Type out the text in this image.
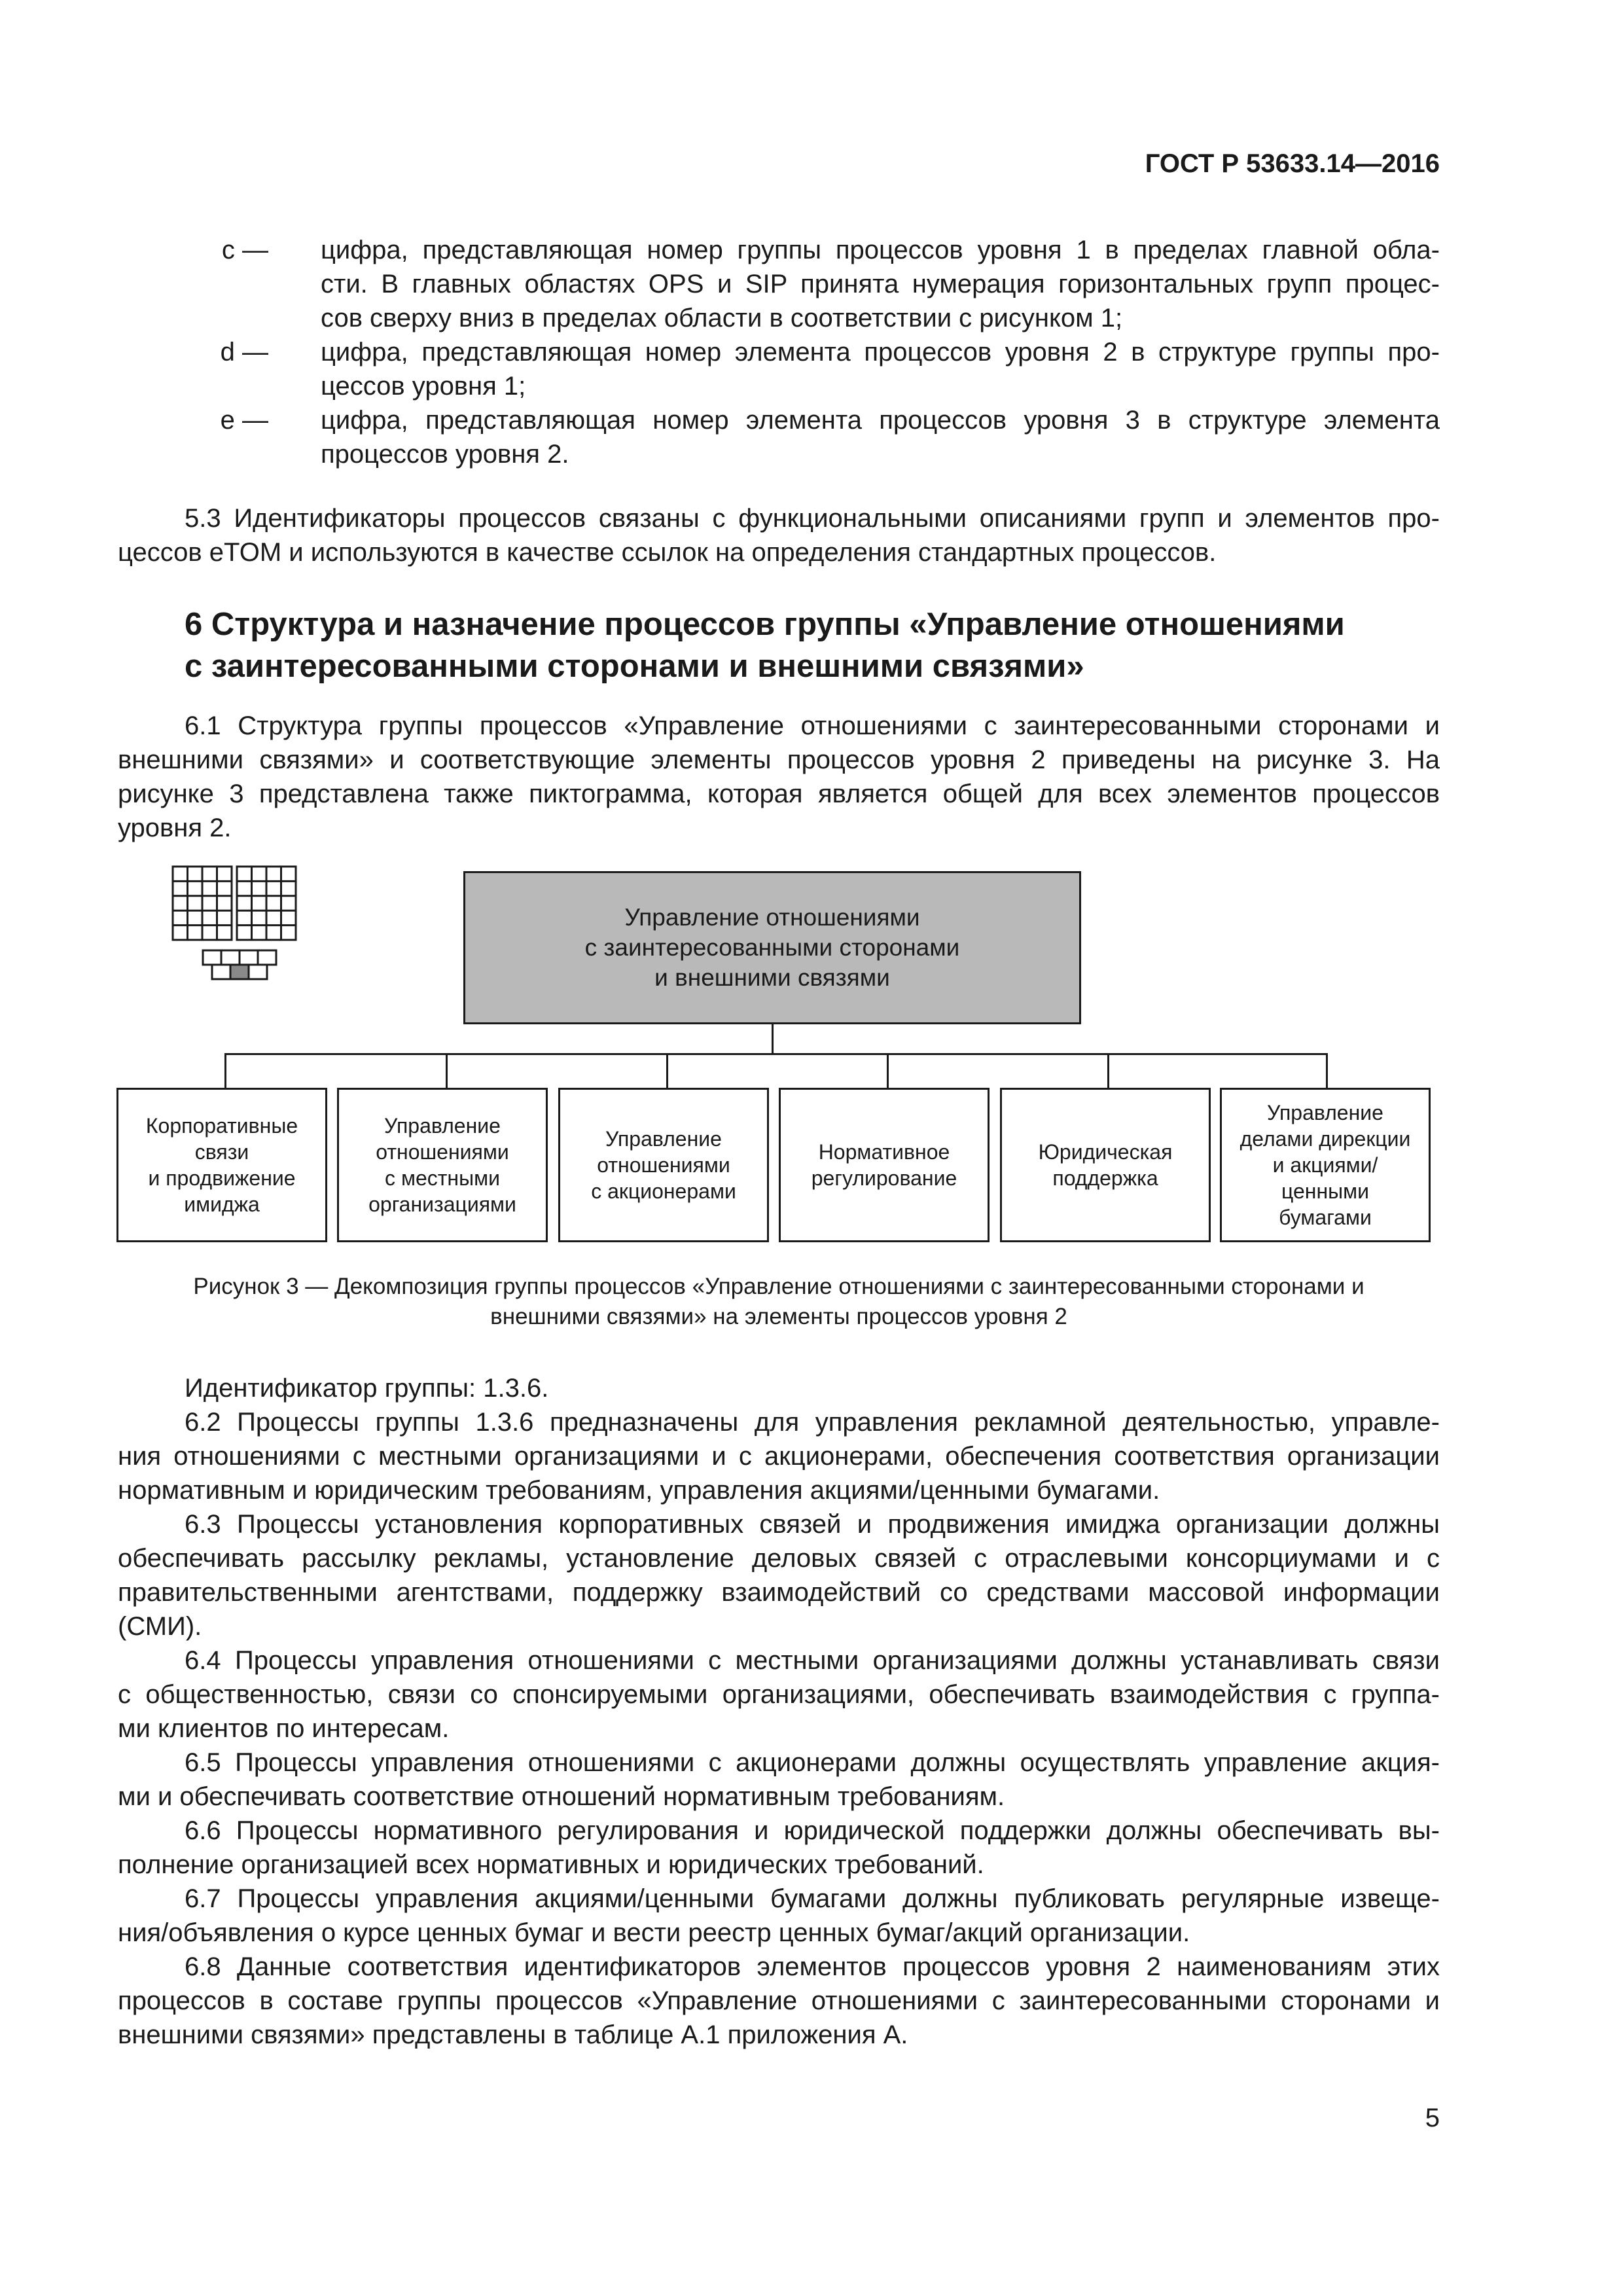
ГОСТ Р 53633.14—2016
с — цифра, представляющая номер группы процессов уровня 1 в пределах главной обла-
сти. В главных областях OPS и SIP принята нумерация горизонтальных групп процес-
сов сверху вниз в пределах области в соответствии с рисунком 1;
d — цифра, представляющая номер элемента процессов уровня 2 в структуре группы про-
цессов уровня 1;
e — цифра, представляющая номер элемента процессов уровня 3 в структуре элемента
процессов уровня 2.
5.3 Идентификаторы процессов связаны с функциональными описаниями групп и элементов про-
цессов eTOM и используются в качестве ссылок на определения стандартных процессов.
6 Структура и назначение процессов группы «Управление отношениями
с заинтересованными сторонами и внешними связями»
6.1 Структура группы процессов «Управление отношениями с заинтересованными сторонами и
внешними связями» и соответствующие элементы процессов уровня 2 приведены на рисунке 3. На
рисунке 3 представлена также пиктограмма, которая является общей для всех элементов процессов
уровня 2.
Управление отношениями
с заинтересованными сторонами
и внешними связями
Корпоративные
связи
и продвижение
имиджа
Управление
отношениями
с местными
организациями
Управление
отношениями
с акционерами
Нормативное
регулирование
Юридическая
поддержка
Управление
делами дирекции
и акциями/
ценными
бумагами
Рисунок 3 — Декомпозиция группы процессов «Управление отношениями с заинтересованными сторонами и
внешними связями» на элементы процессов уровня 2
Идентификатор группы: 1.3.6.
6.2 Процессы группы 1.3.6 предназначены для управления рекламной деятельностью, управле-
ния отношениями с местными организациями и с акционерами, обеспечения соответствия организации
нормативным и юридическим требованиям, управления акциями/ценными бумагами.
6.3 Процессы установления корпоративных связей и продвижения имиджа организации должны
обеспечивать рассылку рекламы, установление деловых связей с отраслевыми консорциумами и с
правительственными агентствами, поддержку взаимодействий со средствами массовой информации
(СМИ).
6.4 Процессы управления отношениями с местными организациями должны устанавливать связи
с общественностью, связи со спонсируемыми организациями, обеспечивать взаимодействия с группа-
ми клиентов по интересам.
6.5 Процессы управления отношениями с акционерами должны осуществлять управление акция-
ми и обеспечивать соответствие отношений нормативным требованиям.
6.6 Процессы нормативного регулирования и юридической поддержки должны обеспечивать вы-
полнение организацией всех нормативных и юридических требований.
6.7 Процессы управления акциями/ценными бумагами должны публиковать регулярные извеще-
ния/объявления о курсе ценных бумаг и вести реестр ценных бумаг/акций организации.
6.8 Данные соответствия идентификаторов элементов процессов уровня 2 наименованиям этих
процессов в составе группы процессов «Управление отношениями с заинтересованными сторонами и
внешними связями» представлены в таблице А.1 приложения А.
5
